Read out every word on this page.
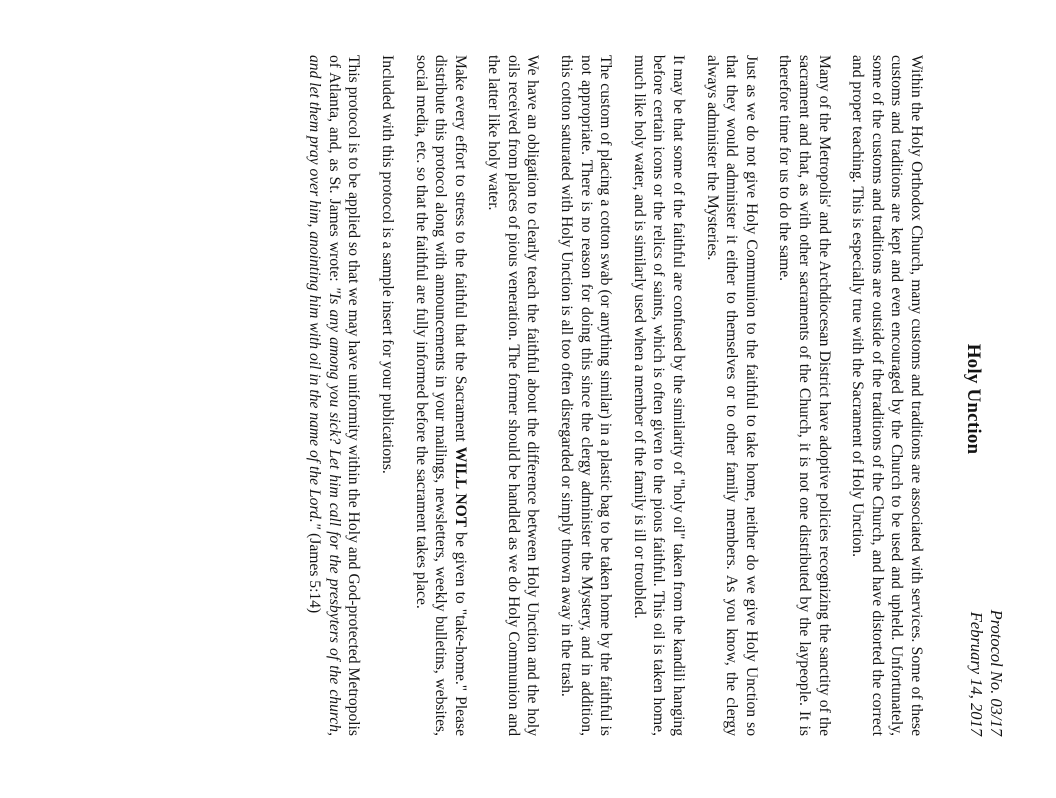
Protocol No. 03/17
February 14, 2017
Holy Unction

Within the Holy Orthodox Church, many customs and traditions are associated with services. Some of these customs and traditions are kept and even encouraged by the Church to be used and upheld. Unfortunately, some of the customs and traditions are outside of the traditions of the Church, and have distorted the correct and proper teaching. This is especially true with the Sacrament of Holy Unction.

Many of the Metropolis' and the Archdiocesan District have adoptive policies recognizing the sanctity of the sacrament and that, as with other sacraments of the Church, it is not one distributed by the laypeople. It is therefore time for us to do the same.

Just as we do not give Holy Communion to the faithful to take home, neither do we give Holy Unction so that they would administer it either to themselves or to other family members. As you know, the clergy always administer the Mysteries.

It may be that some of the faithful are confused by the similarity of "holy oil" taken from the kandili hanging before certain icons or the relics of saints, which is often given to the pious faithful. This oil is taken home, much like holy water, and is similarly used when a member of the family is ill or troubled.

The custom of placing a cotton swab (or anything similar) in a plastic bag to be taken home by the faithful is not appropriate. There is no reason for doing this since the clergy administer the Mystery, and in addition, this cotton saturated with Holy Unction is all too often disregarded or simply thrown away in the trash.

We have an obligation to clearly teach the faithful about the difference between Holy Unction and the holy oils received from places of pious veneration. The former should be handled as we do Holy Communion and the latter like holy water.

Make every effort to stress to the faithful that the Sacrament WILL NOT be given to "take-home." Please distribute this protocol along with announcements in your mailings, newsletters, weekly bulletins, websites, social media, etc. so that the faithful are fully informed before the sacrament takes place.

Included with this protocol is a sample insert for your publications.

This protocol is to be applied so that we may have uniformity within the Holy and God-protected Metropolis of Atlanta, and, as St. James wrote: "Is any among you sick? Let him call for the presbyters of the church, and let them pray over him, anointing him with oil in the name of the Lord." (James 5:14)
